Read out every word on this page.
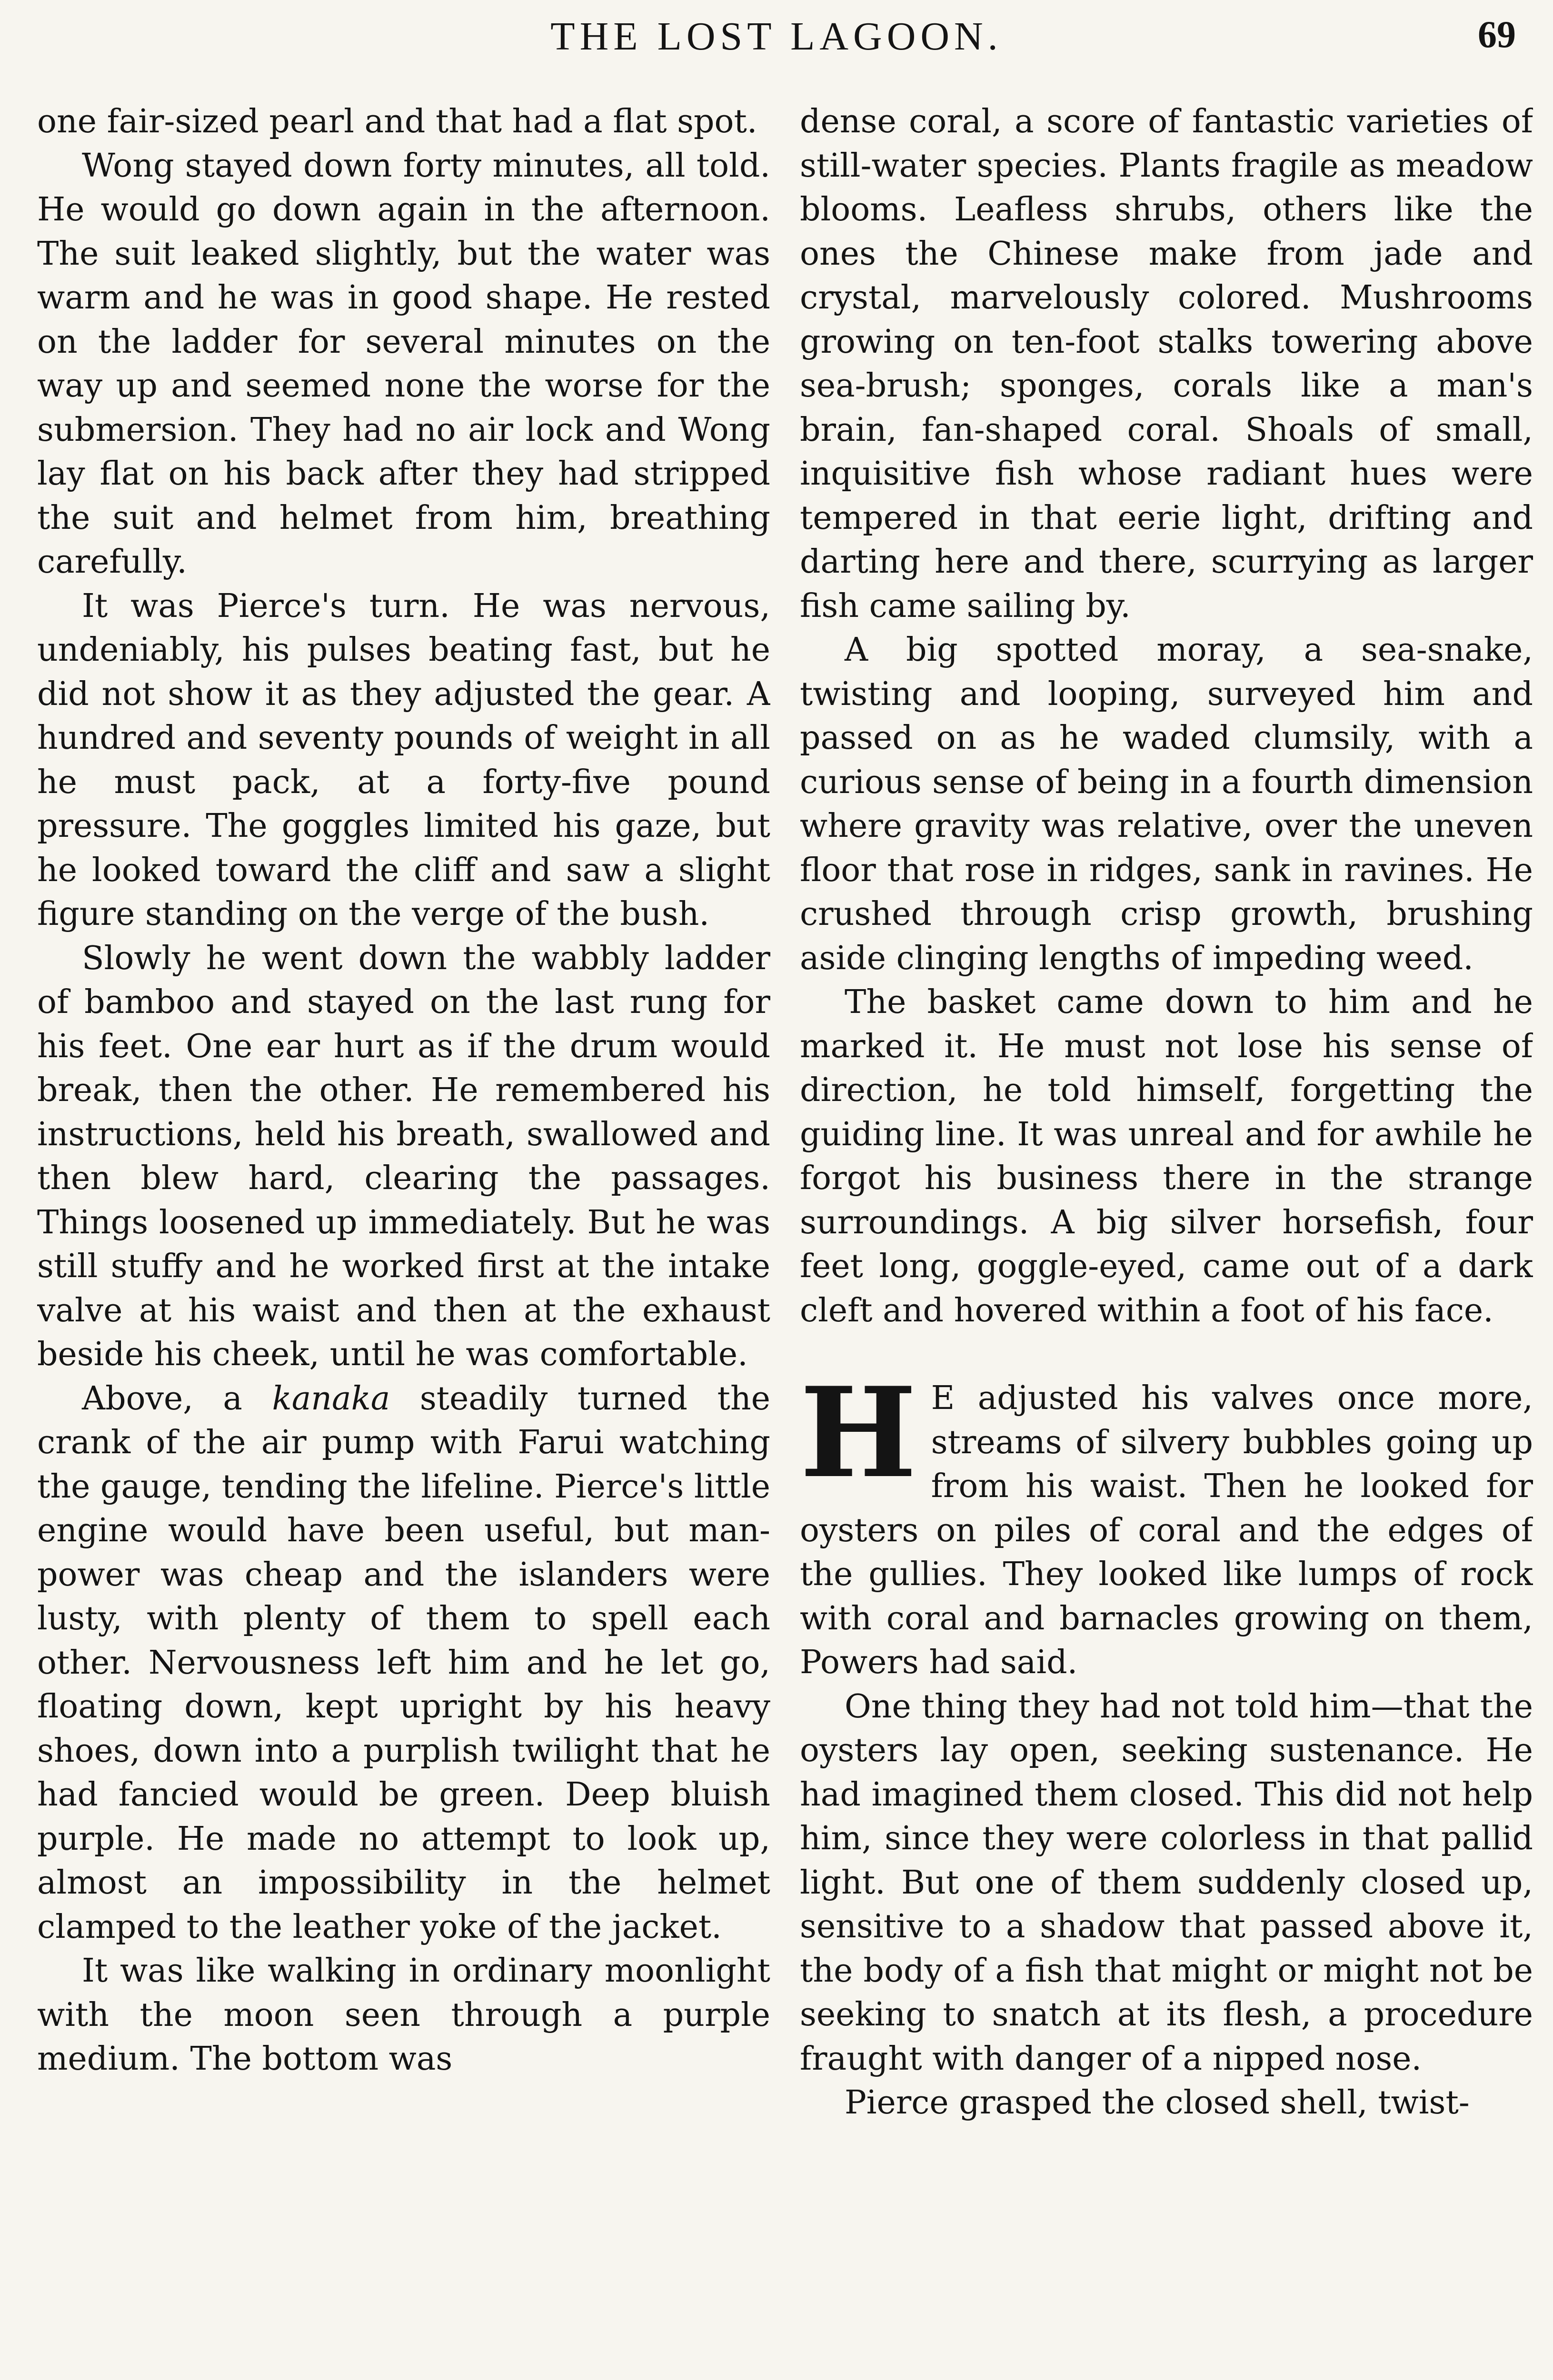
THE LOST LAGOON.	69

one fair-sized pearl and that had a flat spot.

Wong stayed down forty minutes, all told. He would go down again in the afternoon. The suit leaked slightly, but the water was warm and he was in good shape. He rested on the ladder for several minutes on the way up and seemed none the worse for the submersion. They had no air lock and Wong lay flat on his back after they had stripped the suit and helmet from him, breathing carefully.

It was Pierce's turn. He was nervous, undeniably, his pulses beating fast, but he did not show it as they adjusted the gear. A hundred and seventy pounds of weight in all he must pack, at a forty-five pound pressure. The goggles limited his gaze, but he looked toward the cliff and saw a slight figure standing on the verge of the bush.

Slowly he went down the wabbly ladder of bamboo and stayed on the last rung for his feet. One ear hurt as if the drum would break, then the other. He remembered his instructions, held his breath, swallowed and then blew hard, clearing the passages. Things loosened up immediately. But he was still stuffy and he worked first at the intake valve at his waist and then at the exhaust beside his cheek, until he was comfortable.

Above, a kanaka steadily turned the crank of the air pump with Farui watching the gauge, tending the lifeline. Pierce's little engine would have been useful, but man-power was cheap and the islanders were lusty, with plenty of them to spell each other. Nervousness left him and he let go, floating down, kept upright by his heavy shoes, down into a purplish twilight that he had fancied would be green. Deep bluish purple. He made no attempt to look up, almost an impossibility in the helmet clamped to the leather yoke of the jacket.

It was like walking in ordinary moonlight with the moon seen through a purple medium. The bottom was

dense coral, a score of fantastic varieties of still-water species. Plants fragile as meadow blooms. Leafless shrubs, others like the ones the Chinese make from jade and crystal, marvelously colored. Mushrooms growing on ten-foot stalks towering above sea-brush; sponges, corals like a man's brain, fan-shaped coral. Shoals of small, inquisitive fish whose radiant hues were tempered in that eerie light, drifting and darting here and there, scurrying as larger fish came sailing by.

A big spotted moray, a sea-snake, twisting and looping, surveyed him and passed on as he waded clumsily, with a curious sense of being in a fourth dimension where gravity was relative, over the uneven floor that rose in ridges, sank in ravines. He crushed through crisp growth, brushing aside clinging lengths of impeding weed.

The basket came down to him and he marked it. He must not lose his sense of direction, he told himself, forgetting the guiding line. It was unreal and for awhile he forgot his business there in the strange surroundings. A big silver horsefish, four feet long, goggle-eyed, came out of a dark cleft and hovered within a foot of his face.

H E adjusted his valves once more, streams of silvery bubbles going up from his waist. Then he looked for oysters on piles of coral and the edges of the gullies. They looked like lumps of rock with coral and barnacles growing on them, Powers had said.

One thing they had not told him—that the oysters lay open, seeking sustenance. He had imagined them closed. This did not help him, since they were colorless in that pallid light. But one of them suddenly closed up, sensitive to a shadow that passed above it, the body of a fish that might or might not be seeking to snatch at its flesh, a procedure fraught with danger of a nipped nose.

Pierce grasped the closed shell, twist-
